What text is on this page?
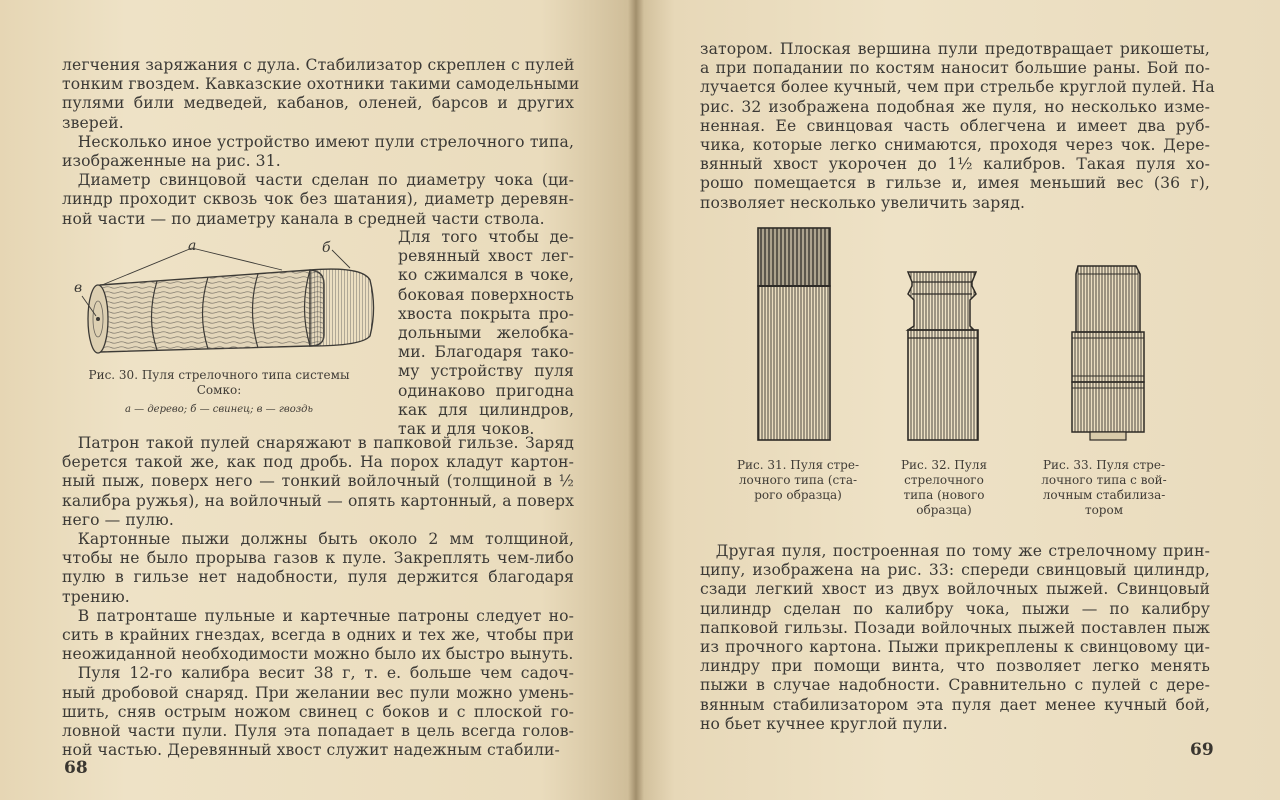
легчения заряжания с дула. Стабилизатор скреплен с пулей
тонким гвоздем. Кавказские охотники такими самодельными
пулями били медведей, кабанов, оленей, барсов и других
зверей.
 Несколько иное устройство имеют пули стрелочного типа,
изображенные на рис. 31.
 Диаметр свинцовой части сделан по диаметру чока (ци-
линдр проходит сквозь чок без шатания), диаметр деревян-
ной части — по диаметру канала в средней части ствола.
а	б
в
Рис. 30. Пуля стрелочного типа системы
Сомко:
а — дерево; б — свинец; в — гвоздь
Для того чтобы де-
ревянный хвост лег-
ко сжимался в чоке,
боковая поверхность
хвоста покрыта про-
дольными желобка-
ми. Благодаря тако-
му устройству пуля
одинаково пригодна
как для цилиндров,
так и для чоков.
 Патрон такой пулей снаряжают в папковой гильзе. Заряд
берется такой же, как под дробь. На порох кладут картон-
ный пыж, поверх него — тонкий войлочный (толщиной в ½
калибра ружья), на войлочный — опять картонный, а поверх
него — пулю.
 Картонные пыжи должны быть около 2 мм толщиной,
чтобы не было прорыва газов к пуле. Закреплять чем-либо
пулю в гильзе нет надобности, пуля держится благодаря
трению.
 В патронташе пульные и картечные патроны следует но-
сить в крайних гнездах, всегда в одних и тех же, чтобы при
неожиданной необходимости можно было их быстро вынуть.
 Пуля 12-го калибра весит 38 г, т. е. больше чем садоч-
ный дробовой снаряд. При желании вес пули можно умень-
шить, сняв острым ножом свинец с боков и с плоской го-
ловной части пули. Пуля эта попадает в цель всегда голов-
ной частью. Деревянный хвост служит надежным стабили-
68
затором. Плоская вершина пули предотвращает рикошеты,
а при попадании по костям наносит большие раны. Бой по-
лучается более кучный, чем при стрельбе круглой пулей. На
рис. 32 изображена подобная же пуля, но несколько изме-
ненная. Ее свинцовая часть облегчена и имеет два руб-
чика, которые легко снимаются, проходя через чок. Дере-
вянный хвост укорочен до 1½ калибров. Такая пуля хо-
рошо помещается в гильзе и, имея меньший вес (36 г),
позволяет несколько увеличить заряд.
Рис. 31. Пуля стре-
лочного типа (ста-
рого образца)
Рис. 32. Пуля
стрелочного
типа (нового
образца)
Рис. 33. Пуля стре-
лочного типа с вой-
лочным стабилиза-
тором
 Другая пуля, построенная по тому же стрелочному прин-
ципу, изображена на рис. 33: спереди свинцовый цилиндр,
сзади легкий хвост из двух войлочных пыжей. Свинцовый
цилиндр сделан по калибру чока, пыжи — по калибру
папковой гильзы. Позади войлочных пыжей поставлен пыж
из прочного картона. Пыжи прикреплены к свинцовому ци-
линдру при помощи винта, что позволяет легко менять
пыжи в случае надобности. Сравнительно с пулей с дере-
вянным стабилизатором эта пуля дает менее кучный бой,
но бьет кучнее круглой пули.
69
